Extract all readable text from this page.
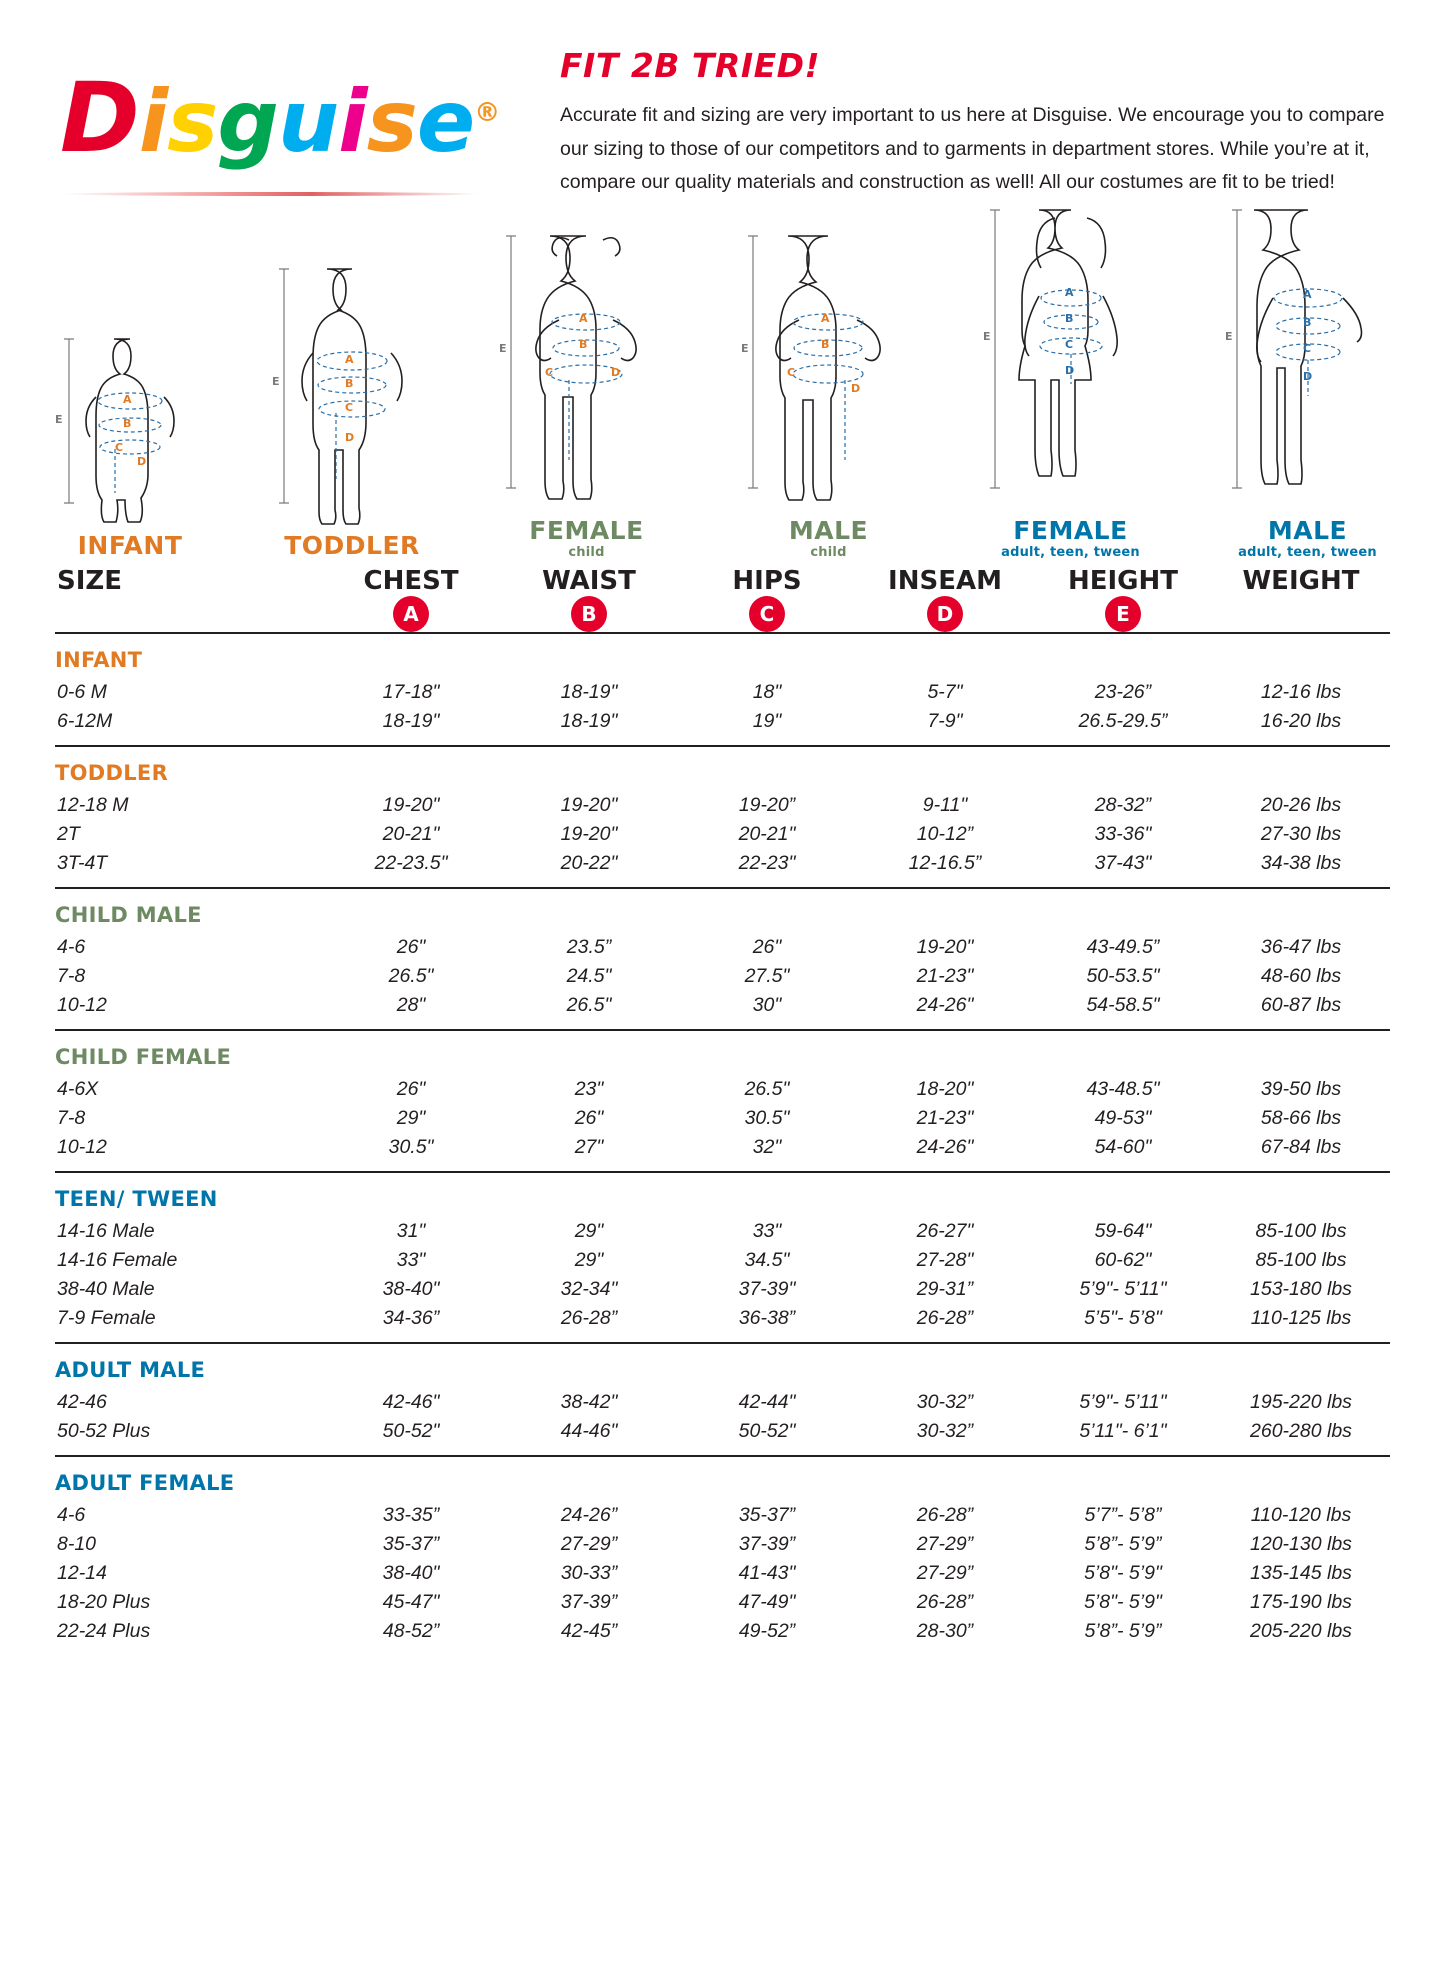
Disguise®
FIT 2B TRIED!

Accurate fit and sizing are very important to us here at Disguise. We encourage you to compare our sizing to those of our competitors and to garments in department stores. While you’re at it, compare our quality materials and construction as well! All our costumes are fit to be tried!

A
B
C
D
E
INFANT
A
B
C
D
E
TODDLER
A
B
C	D
E
FEMALE
child
A
B
C
D
E
MALE
child
A
B
C
D
E
FEMALE
adult, teen, tween
A
B
C
D
E
MALE
adult, teen, tween
SIZE	CHEST	WAIST	HIPS	INSEAM	HEIGHT	WEIGHT
	A	B	C	D	E	
INFANT						
0-6 M	17-18"	18-19"	18"	5-7"	23-26”	12-16 lbs
6-12M	18-19"	18-19"	19"	7-9"	26.5-29.5”	16-20 lbs
TODDLER						
12-18 M	19-20"	19-20"	19-20”	9-11"	28-32”	20-26 lbs
2T	20-21"	19-20"	20-21"	10-12”	33-36"	27-30 lbs
3T-4T	22-23.5"	20-22"	22-23"	12-16.5”	37-43"	34-38 lbs
CHILD MALE						
4-6	26"	23.5”	26"	19-20"	43-49.5”	36-47 lbs
7-8	26.5"	24.5"	27.5"	21-23"	50-53.5"	48-60 lbs
10-12	28"	26.5"	30"	24-26"	54-58.5"	60-87 lbs
CHILD FEMALE						
4-6X	26"	23"	26.5"	18-20"	43-48.5"	39-50 lbs
7-8	29"	26"	30.5"	21-23"	49-53"	58-66 lbs
10-12	30.5"	27"	32"	24-26"	54-60"	67-84 lbs
TEEN/ TWEEN						
14-16 Male	31"	29"	33"	26-27"	59-64"	85-100 lbs
14-16 Female	33"	29"	34.5"	27-28"	60-62"	85-100 lbs
38-40 Male	38-40"	32-34"	37-39"	29-31”	5’9"- 5’11"	153-180 lbs
7-9 Female	34-36”	26-28”	36-38”	26-28”	5’5"- 5’8"	110-125 lbs
ADULT MALE						
42-46	42-46"	38-42"	42-44"	30-32”	5’9"- 5’11"	195-220 lbs
50-52 Plus	50-52"	44-46"	50-52"	30-32”	5’11"- 6’1"	260-280 lbs
ADULT FEMALE						
4-6	33-35”	24-26”	35-37”	26-28”	5’7”- 5’8”	110-120 lbs
8-10	35-37”	27-29”	37-39”	27-29”	5’8”- 5’9”	120-130 lbs
12-14	38-40"	30-33”	41-43"	27-29”	5’8"- 5’9"	135-145 lbs
18-20 Plus	45-47"	37-39”	47-49"	26-28”	5’8"- 5’9"	175-190 lbs
22-24 Plus	48-52”	42-45”	49-52”	28-30”	5’8”- 5’9”	205-220 lbs
